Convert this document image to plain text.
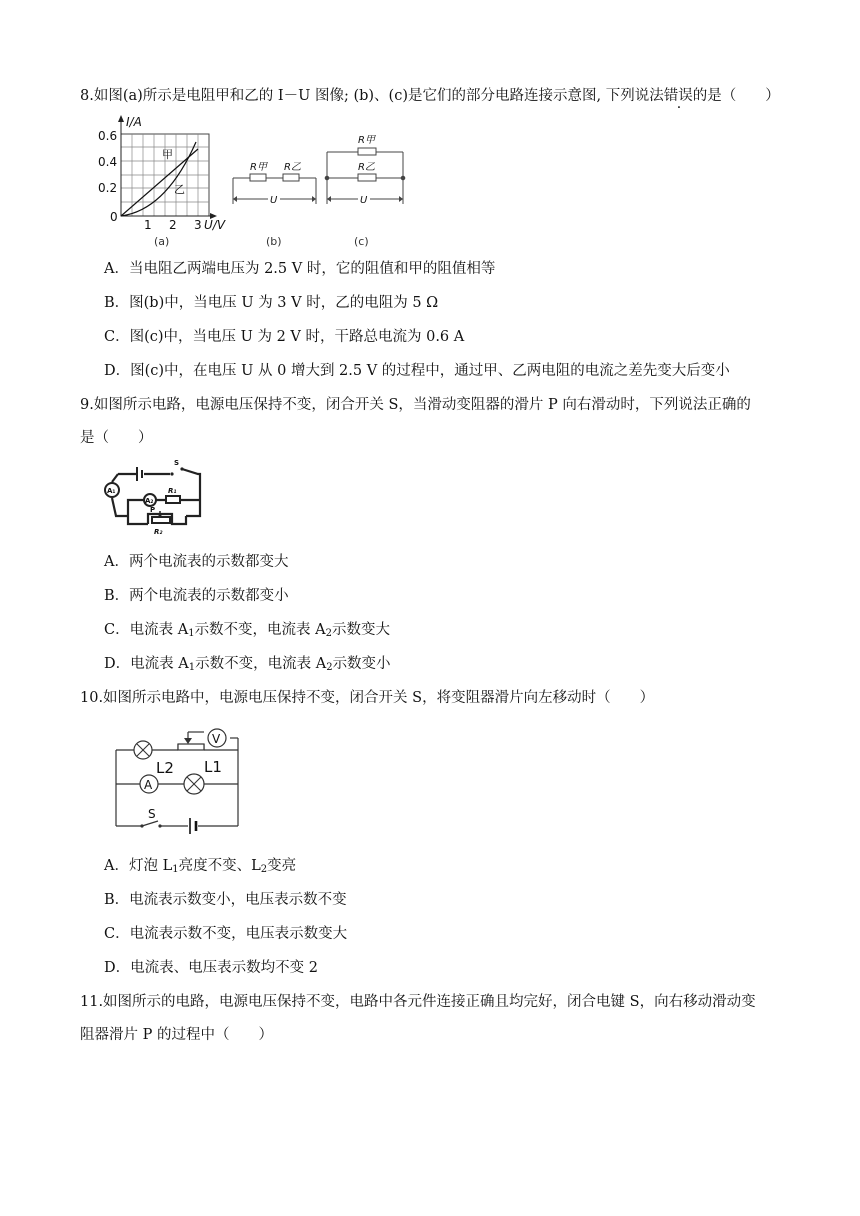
8.如图(a)所示是电阻甲和乙的 I－U 图像; (b)、(c)是它们的部分电路连接示意图, 下列说法错误的是（　　）
I/A
0.6
0.4
0.2
0
1 2 3 U/V
甲
乙
(a)
R甲 R乙
U
(b)
R甲
R乙
U
(c)
A．当电阻乙两端电压为 2.5 V 时，它的阻值和甲的阻值相等
B．图(b)中，当电压 U 为 3 V 时，乙的电阻为 5 Ω
C．图(c)中，当电压 U 为 2 V 时，干路总电流为 0.6 A
D．图(c)中，在电压 U 从 0 增大到 2.5 V 的过程中，通过甲、乙两电阻的电流之差先变大后变小
9.如图所示电路，电源电压保持不变，闭合开关 S，当滑动变阻器的滑片 P 向右滑动时，下列说法正确的
是（　　）
A₁
A₂
S
R₁
P
R₂
A．两个电流表的示数都变大
B．两个电流表的示数都变小
C．电流表 $A_1$示数不变，电流表 $A_2$示数变大
D．电流表 $A_1$示数不变，电流表 $A_2$示数变小
10.如图所示电路中，电源电压保持不变，闭合开关 S，将变阻器滑片向左移动时（　　）
V
A
L2 L1
S
A．灯泡 $L_1$亮度不变、$L_2$变亮
B．电流表示数变小，电压表示数不变
C．电流表示数不变，电压表示数变大
D．电流表、电压表示数均不变 2
11.如图所示的电路，电源电压保持不变，电路中各元件连接正确且均完好，闭合电键 S，向右移动滑动变
阻器滑片 P 的过程中（　　）
